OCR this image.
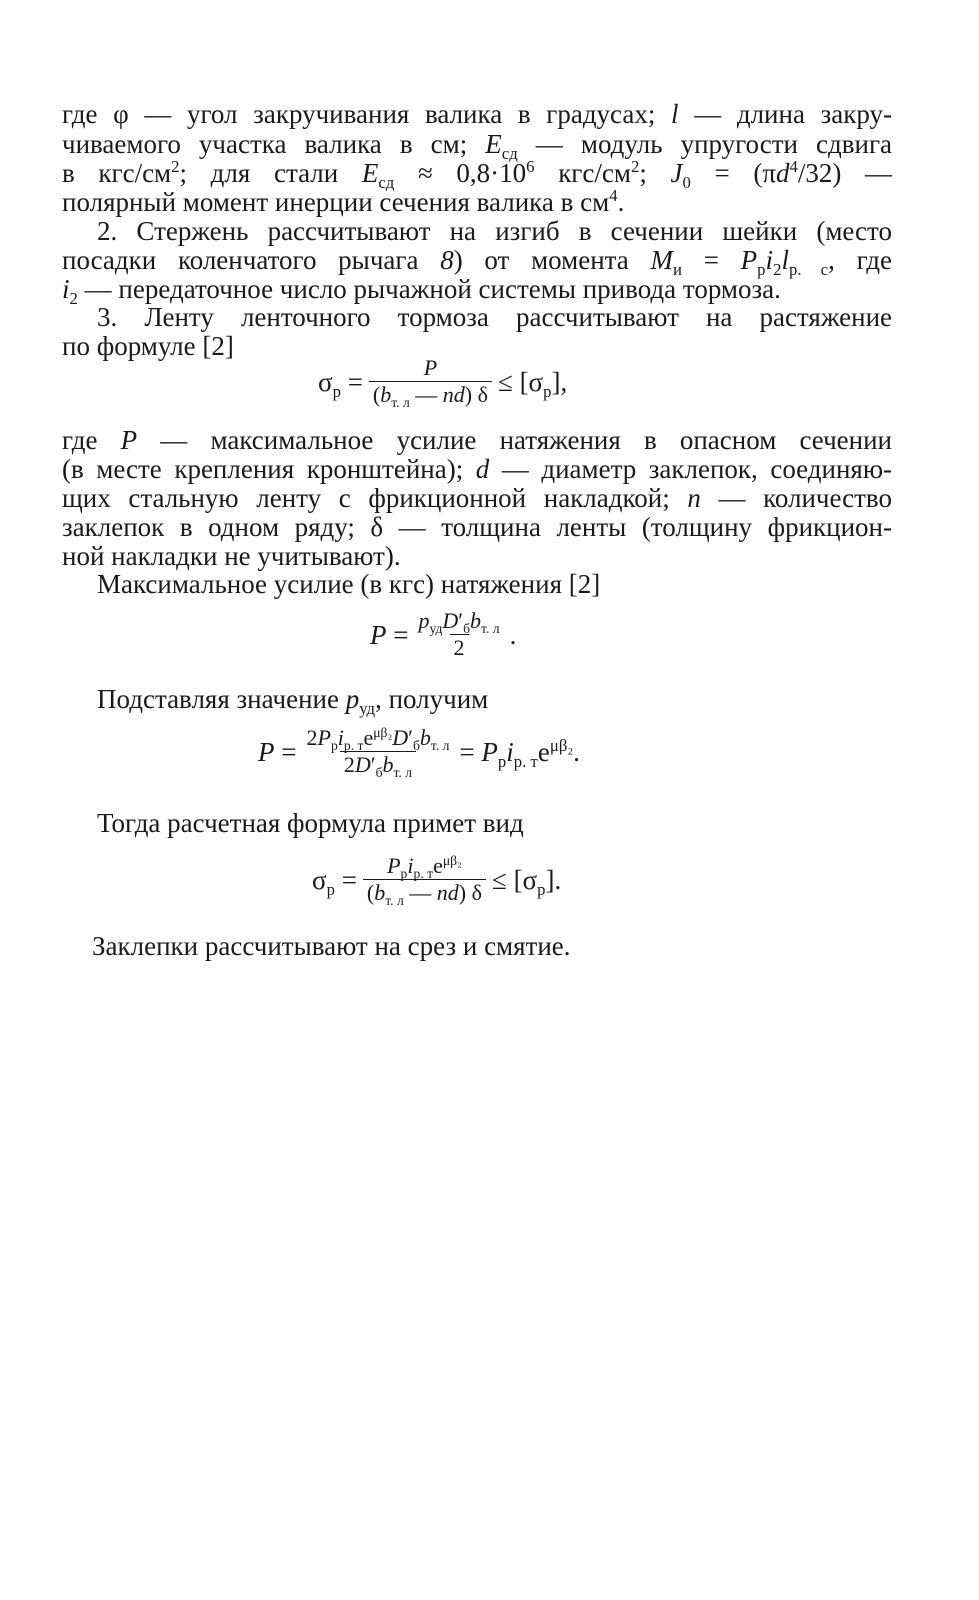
где φ — угол закручивания валика в градусах; l — длина закру-
чиваемого участка валика в см; $E_{сд}$ — модуль упругости сдвига
в кгс/$см^2$; для стали $E_{сд} \approx 0,8\cdot 10^6$ кгс/$см^2$; $J_0 = (\pi d^4/32)$ —
полярный момент инерции сечения валика в $см^4$.
2. Стержень рассчитывают на изгиб в сечении шейки (место
посадки коленчатого рычага 8) от момента $M_и = P_рi_2l_{р. с}$, где
$i_2$ — передаточное число рычажной системы привода тормоза.
3. Ленту ленточного тормоза рассчитывают на растяжение
по формуле [2]
$\sigma_р = \frac{P}{(b_{т. л} — nd) \delta} \le [\sigma_р]$,
где P — максимальное усилие натяжения в опасном сечении
(в месте крепления кронштейна); d — диаметр заклепок, соединяю-
щих стальную ленту с фрикционной накладкой; n — количество
заклепок в одном ряду; δ — толщина ленты (толщину фрикцион-
ной накладки не учитывают).
Максимальное усилие (в кгс) натяжения [2]
$P = \frac{p_{уд}D'_бb_{т. л}}{2}$ .
Подставляя значение $p_{уд}$, получим
$P = \frac{2P_рi_{р. т}e^{\mu\beta_2}D'_бb_{т. л}}{2D'_бb_{т. л}} = P_рi_{р. т}e^{\mu\beta_2}$.
Тогда расчетная формула примет вид
$\sigma_р = \frac{P_рi_{р. т}e^{\mu\beta_2}}{(b_{т. л} — nd) \delta} \le [\sigma_р]$.
Заклепки рассчитывают на срез и смятие.
